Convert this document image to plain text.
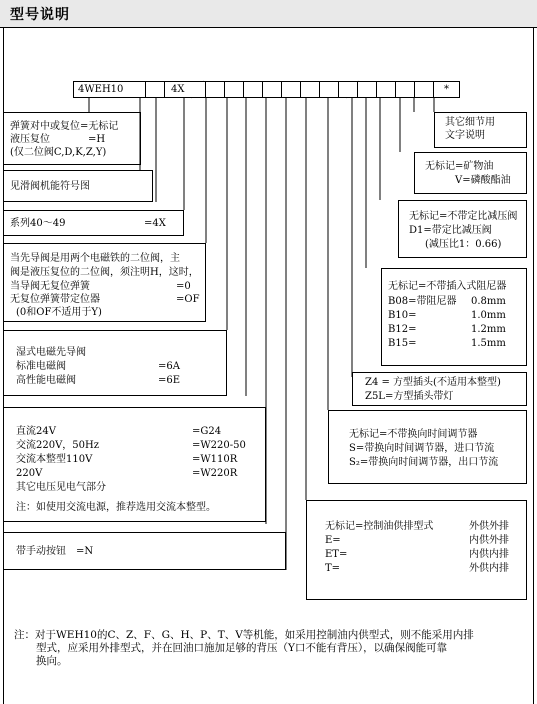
型号说明
4WEH10	4X	*
其它细节用
文字说明
无标记=矿物油
V=磷酸酯油
无标记=不带定比减压阀
D1=带定比减压阀
(减压比1：0.66)
无标记=不带插入式阻尼器
B08=带阻尼器 0.8mm
B10=	1.0mm
B12=	1.2mm
B15=	1.5mm
Z4 = 方型插头(不适用本整型)
Z5L=方型插头带灯
无标记=不带换向时间调节器
S=带换向时间调节器，进口节流
S₂=带换向时间调节器，出口节流
无标记=控制油供排型式	外供外排
E=	内供外排
ET=	内供内排
T=	外供内排
弹簧对中或复位=无标记
液压复位	=H
(仅二位阀C,D,K,Z,Y)
见滑阀机能符号图
系列40～49	=4X
当先导阀是用两个电磁铁的二位阀，主
阀是液压复位的二位阀，须注明H，这时，
当导阀无复位弹簧	=0
无复位弹簧带定位器	=OF
(0和OF不适用于Y)
湿式电磁先导阀
标准电磁阀	=6A
高性能电磁阀	=6E
直流24V	=G24
交流220V，50Hz	=W220-50
交流本整型110V	=W110R
220V	=W220R
其它电压见电气部分
注：如使用交流电源，推荐选用交流本整型。
带手动按钮　=N
注：对于WEH10的C、Z、F、G、H、P、T、V等机能，如采用控制油内供型式，则不能采用内排
型式，应采用外排型式，并在回油口施加足够的背压（Y口不能有背压），以确保阀能可靠
换向。
